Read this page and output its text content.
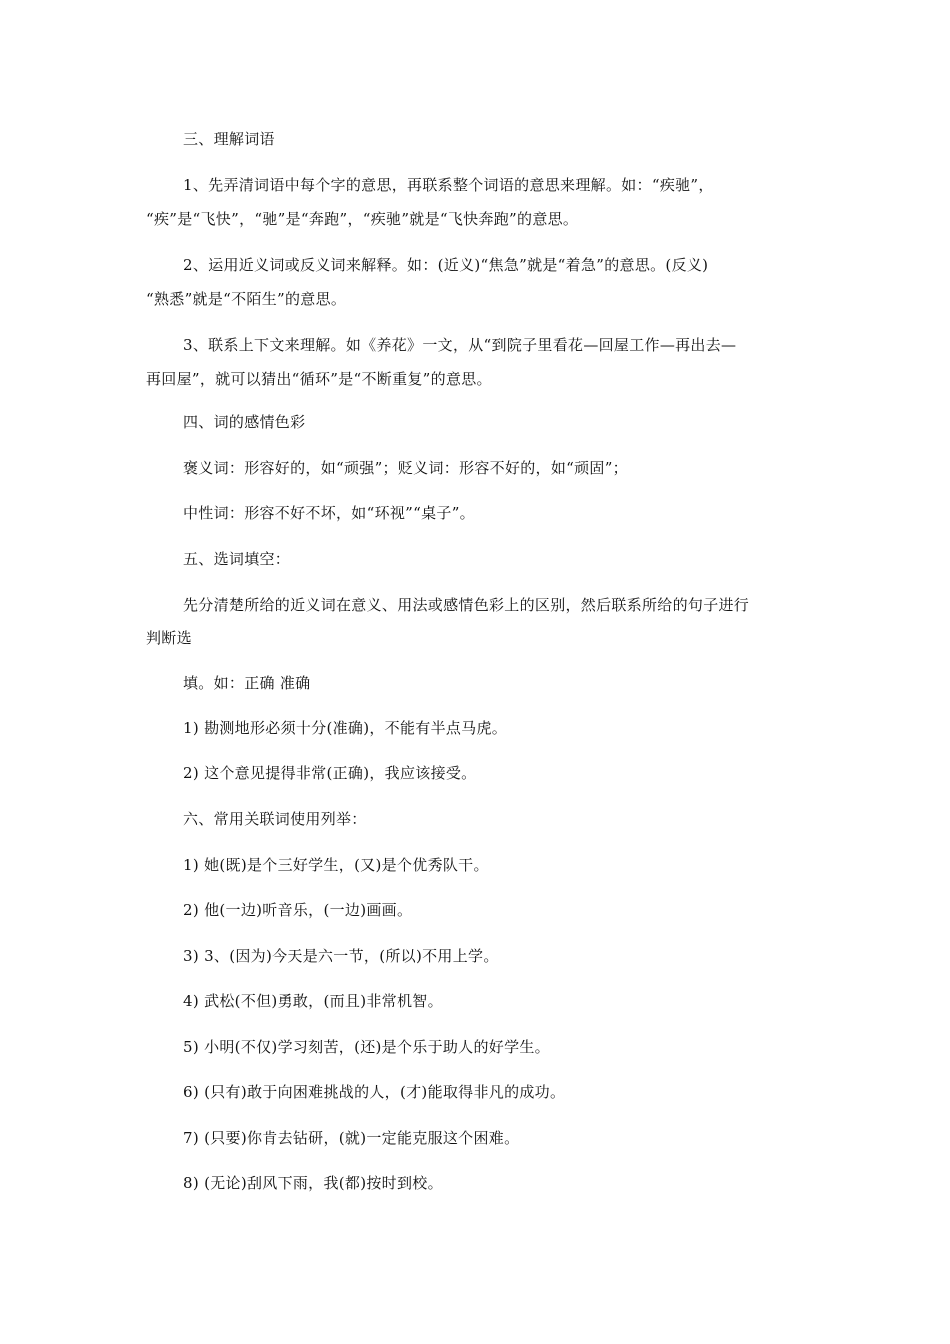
三、理解词语
1、先弄清词语中每个字的意思，再联系整个词语的意思来理解。如：“疾驰”，
“疾”是“飞快”，“驰”是“奔跑”，“疾驰”就是“飞快奔跑”的意思。
2、运用近义词或反义词来解释。如：(近义)“焦急”就是“着急”的意思。(反义)
“熟悉”就是“不陌生”的意思。
3、联系上下文来理解。如《养花》一文，从“到院子里看花—回屋工作—再出去—
再回屋”，就可以猜出“循环”是“不断重复”的意思。
四、词的感情色彩
褒义词：形容好的，如“顽强”；贬义词：形容不好的，如“顽固”；
中性词：形容不好不坏，如“环视”“桌子”。
五、选词填空：
先分清楚所给的近义词在意义、用法或感情色彩上的区别，然后联系所给的句子进行
判断选
填。如：正确 准确
1) 勘测地形必须十分(准确)，不能有半点马虎。
2) 这个意见提得非常(正确)，我应该接受。
六、常用关联词使用列举：
1) 她(既)是个三好学生，(又)是个优秀队干。
2) 他(一边)听音乐，(一边)画画。
3) 3、(因为)今天是六一节，(所以)不用上学。
4) 武松(不但)勇敢，(而且)非常机智。
5) 小明(不仅)学习刻苦，(还)是个乐于助人的好学生。
6) (只有)敢于向困难挑战的人，(才)能取得非凡的成功。
7) (只要)你肯去钻研，(就)一定能克服这个困难。
8) (无论)刮风下雨，我(都)按时到校。
